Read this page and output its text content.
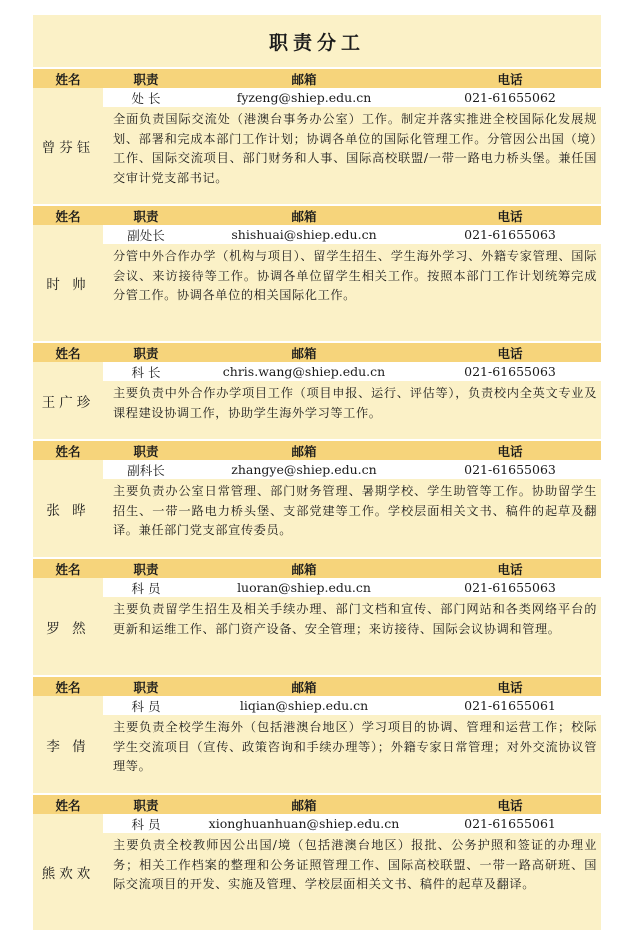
职责分工
姓名	职责	邮箱	电话
曾芬钰
处 长	fyzeng@shiep.edu.cn	021-61655062
全面负责国际交流处（港澳台事务办公室）工作。制定并落实推进全校国际化发展规划、部署和完成本部门工作计划；协调各单位的国际化管理工作。分管因公出国（境）工作、国际交流项目、部门财务和人事、国际高校联盟/一带一路电力桥头堡。兼任国交审计党支部书记。
姓名	职责	邮箱	电话
时 帅
副处长	shishuai@shiep.edu.cn	021-61655063
分管中外合作办学（机构与项目）、留学生招生、学生海外学习、外籍专家管理、国际会议、来访接待等工作。协调各单位留学生相关工作。按照本部门工作计划统筹完成分管工作。协调各单位的相关国际化工作。
姓名	职责	邮箱	电话
王广珍
科 长	chris.wang@shiep.edu.cn	021-61655063
主要负责中外合作办学项目工作（项目申报、运行、评估等），负责校内全英文专业及课程建设协调工作，协助学生海外学习等工作。
姓名	职责	邮箱	电话
张 晔
副科长	zhangye@shiep.edu.cn	021-61655063
主要负责办公室日常管理、部门财务管理、暑期学校、学生助管等工作。协助留学生招生、一带一路电力桥头堡、支部党建等工作。学校层面相关文书、稿件的起草及翻译。兼任部门党支部宣传委员。
姓名	职责	邮箱	电话
罗 然
科 员	luoran@shiep.edu.cn	021-61655063
主要负责留学生招生及相关手续办理、部门文档和宣传、部门网站和各类网络平台的更新和运维工作、部门资产设备、安全管理；来访接待、国际会议协调和管理。
姓名	职责	邮箱	电话
李 倩
科 员	liqian@shiep.edu.cn	021-61655061
主要负责全校学生海外（包括港澳台地区）学习项目的协调、管理和运营工作；校际学生交流项目（宣传、政策咨询和手续办理等）；外籍专家日常管理；对外交流协议管理等。
姓名	职责	邮箱	电话
熊欢欢
科 员	xionghuanhuan@shiep.edu.cn	021-61655061
主要负责全校教师因公出国/境（包括港澳台地区）报批、公务护照和签证的办理业务；相关工作档案的整理和公务证照管理工作、国际高校联盟、一带一路高研班、国际交流项目的开发、实施及管理、学校层面相关文书、稿件的起草及翻译。
